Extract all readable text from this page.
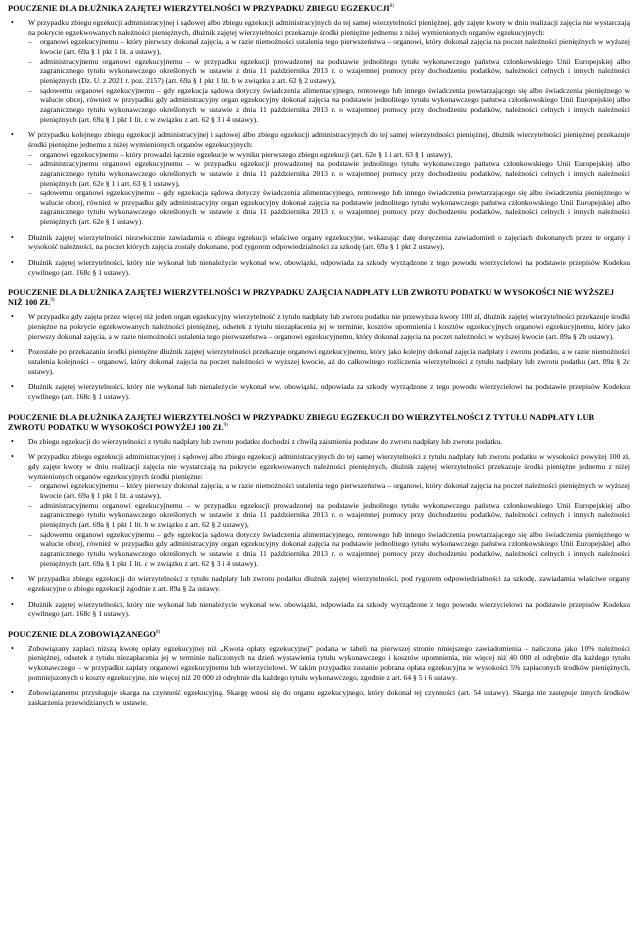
POUCZENIE DLA DŁUŻNIKA ZAJĘTEJ WIERZYTELNOŚCI W PRZYPADKU ZBIEGU EGZEKUCJI$^{8)}$
• W przypadku zbiegu egzekucji administracyjnej i sądowej albo zbiegu egzekucji administracyjnych do tej samej wierzytelności pieniężnej, gdy zajęte kwoty w dniu realizacji zajęcia nie wystarczają na pokrycie egzekwowanych należności pieniężnych, dłużnik zajętej wierzytelności przekazuje środki pieniężne jednemu z niżej wymienionych organów egzekucyjnych:
– organowi egzekucyjnemu – który pierwszy dokonał zajęcia, a w razie niemożności ustalenia tego pierwszeństwa – organowi, który dokonał zajęcia na poczet należności pieniężnych w wyższej kwocie (art. 69a § 1 pkt 1 lit. a ustawy),
– administracyjnemu organowi egzekucyjnemu – w przypadku egzekucji prowadzonej na podstawie jednolitego tytułu wykonawczego państwa członkowskiego Unii Europejskiej albo zagranicznego tytułu wykonawczego określonych w ustawie z dnia 11 października 2013 r. o wzajemnej pomocy przy dochodzeniu podatków, należności celnych i innych należności pieniężnych (Dz. U. z 2021 r. poz. 2157) (art. 69a § 1 pkt 1 lit. b w związku z art. 62 § 2 ustawy),
– sądowemu organowi egzekucyjnemu – gdy egzekucja sądowa dotyczy świadczenia alimentacyjnego, rentowego lub innego świadczenia powtarzającego się albo świadczenia pieniężnego w walucie obcej, również w przypadku gdy administracyjny organ egzekucyjny dokonał zajęcia na podstawie jednolitego tytułu wykonawczego państwa członkowskiego Unii Europejskiej albo zagranicznego tytułu wykonawczego określonych w ustawie z dnia 11 października 2013 r. o wzajemnej pomocy przy dochodzeniu podatków, należności celnych i innych należności pieniężnych (art. 69a § 1 pkt 1 lit. c w związku z art. 62 § 3 i 4 ustawy).
• W przypadku kolejnego zbiegu egzekucji administracyjnej i sądowej albo zbiegu egzekucji administracyjnych do tej samej wierzytelności pieniężnej, dłużnik wierzytelności pieniężnej przekazuje środki pieniężne jednemu z niżej wymienionych organów egzekucyjnych:
– organowi egzekucyjnemu – który prowadzi łącznie egzekucje w wyniku pierwszego zbiegu egzekucji (art. 62e § 1 i art. 63 § 1 ustawy),
– administracyjnemu organowi egzekucyjnemu – w przypadku egzekucji prowadzonej na podstawie jednolitego tytułu wykonawczego państwa członkowskiego Unii Europejskiej albo zagranicznego tytułu wykonawczego określonych w ustawie z dnia 11 października 2013 r. o wzajemnej pomocy przy dochodzeniu podatków, należności celnych i innych należności pieniężnych (art. 62e § 1 i art. 63 § 1 ustawy),
– sądowemu organowi egzekucyjnemu – gdy egzekucja sądowa dotyczy świadczenia alimentacyjnego, rentowego lub innego świadczenia powtarzającego się albo świadczenia pieniężnego w walucie obcej, również w przypadku gdy administracyjny organ egzekucyjny dokonał zajęcia na podstawie jednolitego tytułu wykonawczego państwa członkowskiego Unii Europejskiej albo zagranicznego tytułu wykonawczego określonych w ustawie z dnia 11 października 2013 r. o wzajemnej pomocy przy dochodzeniu podatków, należności celnych i innych należności pieniężnych (art. 62e § 1 ustawy).
• Dłużnik zajętej wierzytelności niezwłocznie zawiadamia o zbiegu egzekucji właściwe organy egzekucyjne, wskazując datę doręczenia zawiadomień o zajęciach dokonanych przez te organy i wysokość należności, na poczet których zajęcia zostały dokonane, pod rygorem odpowiedzialności za szkodę (art. 69a § 1 pkt 2 ustawy).
• Dłużnik zajętej wierzytelności, który nie wykonał lub nienależycie wykonał ww. obowiązki, odpowiada za szkody wyrządzone z tego powodu wierzycielowi na podstawie przepisów Kodeksu cywilnego (art. 168c § 1 ustawy).
POUCZENIE DLA DŁUŻNIKA ZAJĘTEJ WIERZYTELNOŚCI W PRZYPADKU ZAJĘCIA NADPŁATY LUB ZWROTU PODATKU W WYSOKOŚCI NIE WYŻSZEJ NIŻ 100 ZŁ$^{9)}$
• W przypadku gdy zajęta przez więcej niż jeden organ egzekucyjny wierzytelność z tytułu nadpłaty lub zwrotu podatku nie przewyższa kwoty 100 zł, dłużnik zajętej wierzytelności przekazuje środki pieniężne na pokrycie egzekwowanych należności pieniężnej, odsetek z tytułu niezapłacenia jej w terminie, kosztów upomnienia i kosztów egzekucyjnych organowi egzekucyjnemu, który jako pierwszy dokonał zajęcia, a w razie niemożności ustalenia tego pierwszeństwa – organowi egzekucyjnemu, który dokonał zajęcia na poczet należności w wyższej kwocie (art. 89a § 2b ustawy).
• Pozostałe po przekazaniu środki pieniężne dłużnik zajętej wierzytelności przekazuje organowi egzekucyjnemu, który jako kolejny dokonał zajęcia nadpłaty i zwrotu podatku, a w razie niemożności ustalenia kolejności – organowi, który dokonał zajęcia na poczet należności w wyższej kwocie, aż do całkowitego rozliczenia wierzytelności z tytułu nadpłaty lub zwrotu podatku (art. 89a § 2c ustawy).
• Dłużnik zajętej wierzytelności, który nie wykonał lub nienależycie wykonał ww. obowiązki, odpowiada za szkody wyrządzone z tego powodu wierzycielowi na podstawie przepisów Kodeksu cywilnego (art. 168c § 1 ustawy).
POUCZENIE DLA DŁUŻNIKA ZAJĘTEJ WIERZYTELNOŚCI W PRZYPADKU ZBIEGU EGZEKUCJI DO WIERZYTELNOŚCI Z TYTUŁU NADPŁATY LUB ZWROTU PODATKU W WYSOKOŚCI POWYŻEJ 100 ZŁ$^{9)}$
• Do zbiegu egzekucji do wierzytelności z tytułu nadpłaty lub zwrotu podatku dochodzi z chwilą zaistnienia podstaw do zwrotu nadpłaty lub zwrotu podatku.
• W przypadku zbiegu egzekucji administracyjnej i sądowej albo zbiegu egzekucji administracyjnych do tej samej wierzytelności z tytułu nadpłaty lub zwrotu podatku w wysokości powyżej 100 zł, gdy zajęte kwoty w dniu realizacji zajęcia nie wystarczają na pokrycie egzekwowanych należności pieniężnych, dłużnik zajętej wierzytelności przekazuje środki pieniężne jednemu z niżej wymienionych organów egzekucyjnych środki pieniężne:
– organowi egzekucyjnemu – który pierwszy dokonał zajęcia, a w razie niemożności ustalenia tego pierwszeństwa – organowi, który dokonał zajęcia na poczet należności pieniężnych w wyższej kwocie (art. 69a § 1 pkt 1 lit. a ustawy),
– administracyjnemu organowi egzekucyjnemu – w przypadku egzekucji prowadzonej na podstawie jednolitego tytułu wykonawczego państwa członkowskiego Unii Europejskiej albo zagranicznego tytułu wykonawczego określonych w ustawie z dnia 11 października 2013 r. o wzajemnej pomocy przy dochodzeniu podatków, należności celnych i innych należności pieniężnych (art. 69a § 1 pkt 1 lit. b w związku z art. 62 § 2 ustawy),
– sądowemu organowi egzekucyjnemu – gdy egzekucja sądowa dotyczy świadczenia alimentacyjnego, rentowego lub innego świadczenia powtarzającego się albo świadczenia pieniężnego w walucie obcej, również w przypadku gdy administracyjny organ egzekucyjny dokonał zajęcia na podstawie jednolitego tytułu wykonawczego państwa członkowskiego Unii Europejskiej albo zagranicznego tytułu wykonawczego określonych w ustawie z dnia 11 października 2013 r. o wzajemnej pomocy przy dochodzeniu podatków, należności celnych i innych należności pieniężnych (art. 69a § 1 pkt 1 lit. c w związku z art. 62 § 3 i 4 ustawy).
• W przypadku zbiegu egzekucji do wierzytelności z tytułu nadpłaty lub zwrotu podatku dłużnik zajętej wierzytelności, pod rygorem odpowiedzialności za szkodę, zawiadamia właściwe organy egzekucyjne o zbiegu egzekucji zgodnie z art. 89a § 2a ustawy.
• Dłużnik zajętej wierzytelności, który nie wykonał lub nienależycie wykonał ww. obowiązki, odpowiada za szkody wyrządzone z tego powodu wierzycielowi na podstawie przepisów Kodeksu cywilnego (art. 168c § 1 ustawy).
POUCZENIE DLA ZOBOWIĄZANEGO$^{8)}$
• Zobowiązany zapłaci niższą kwotę opłaty egzekucyjnej niż „Kwota opłaty egzekucyjnej” podana w tabeli na pierwszej stronie niniejszego zawiadomienia – naliczona jako 10% należności pieniężnej, odsetek z tytułu niezapłacenia jej w terminie naliczonych na dzień wystawienia tytułu wykonawczego i kosztów upomnienia, nie więcej niż 40 000 zł odrębnie dla każdego tytułu wykonawczego – w przypadku zapłaty organowi egzekucyjnemu lub wierzycielowi. W takim przypadku zostanie pobrana opłata egzekucyjna w wysokości 5% zapłaconych środków pieniężnych, pomniejszonych o koszty egzekucyjne, nie więcej niż 20 000 zł odrębnie dla każdego tytułu wykonawczego, zgodnie z art. 64 § 5 i 6 ustawy.
• Zobowiązanemu przysługuje skarga na czynność egzekucyjną. Skargę wnosi się do organu egzekucyjnego, który dokonał tej czynności (art. 54 ustawy). Skarga nie zastępuje innych środków zaskarżenia przewidzianych w ustawie.
